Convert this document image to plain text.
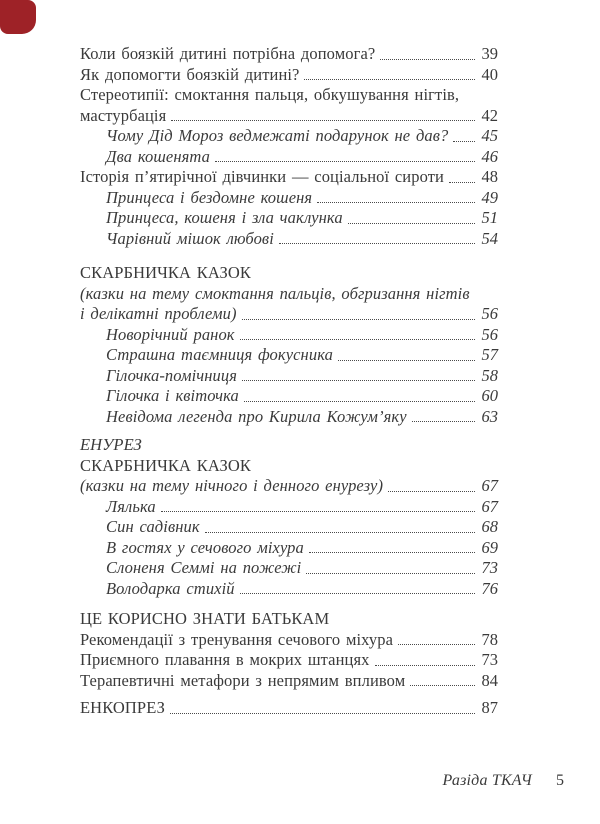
Коли боязкій дитині потрібна допомога?	39
Як допомогти боязкій дитині?	40
Стереотипії: смоктання пальця, обкушування нігтів,
мастурбація	42
Чому Дід Мороз ведмежаті подарунок не дав? 45
Два кошенята	46
Історія п’ятирічної дівчинки — соціальної сироти 48
Принцеса і бездомне кошеня	49
Принцеса, кошеня і зла чаклунка	51
Чарівний мішок любові	54
СКАРБНИЧКА КАЗОК
(казки на тему смоктання пальців, обгризання нігтів
і делікатні проблеми)	56
Новорічний ранок	56
Страшна таємниця фокусника	57
Гілочка-помічниця	58
Гілочка і квіточка	60
Невідома легенда про Кирила Кожум’яку	63
ЕНУРЕЗ
СКАРБНИЧКА КАЗОК
(казки на тему нічного і денного енурезу)	67
Лялька	67
Син садівник	68
В гостях у сечового міхура	69
Слоненя Семмі на пожежі	73
Володарка стихій	76
ЦЕ КОРИСНО ЗНАТИ БАТЬКАМ
Рекомендації з тренування сечового міхура	78
Приємного плавання в мокрих штанцях	73
Терапевтичні метафори з непрямим впливом	84
ЕНКОПРЕЗ	87
Разіда ТКАЧ 5
